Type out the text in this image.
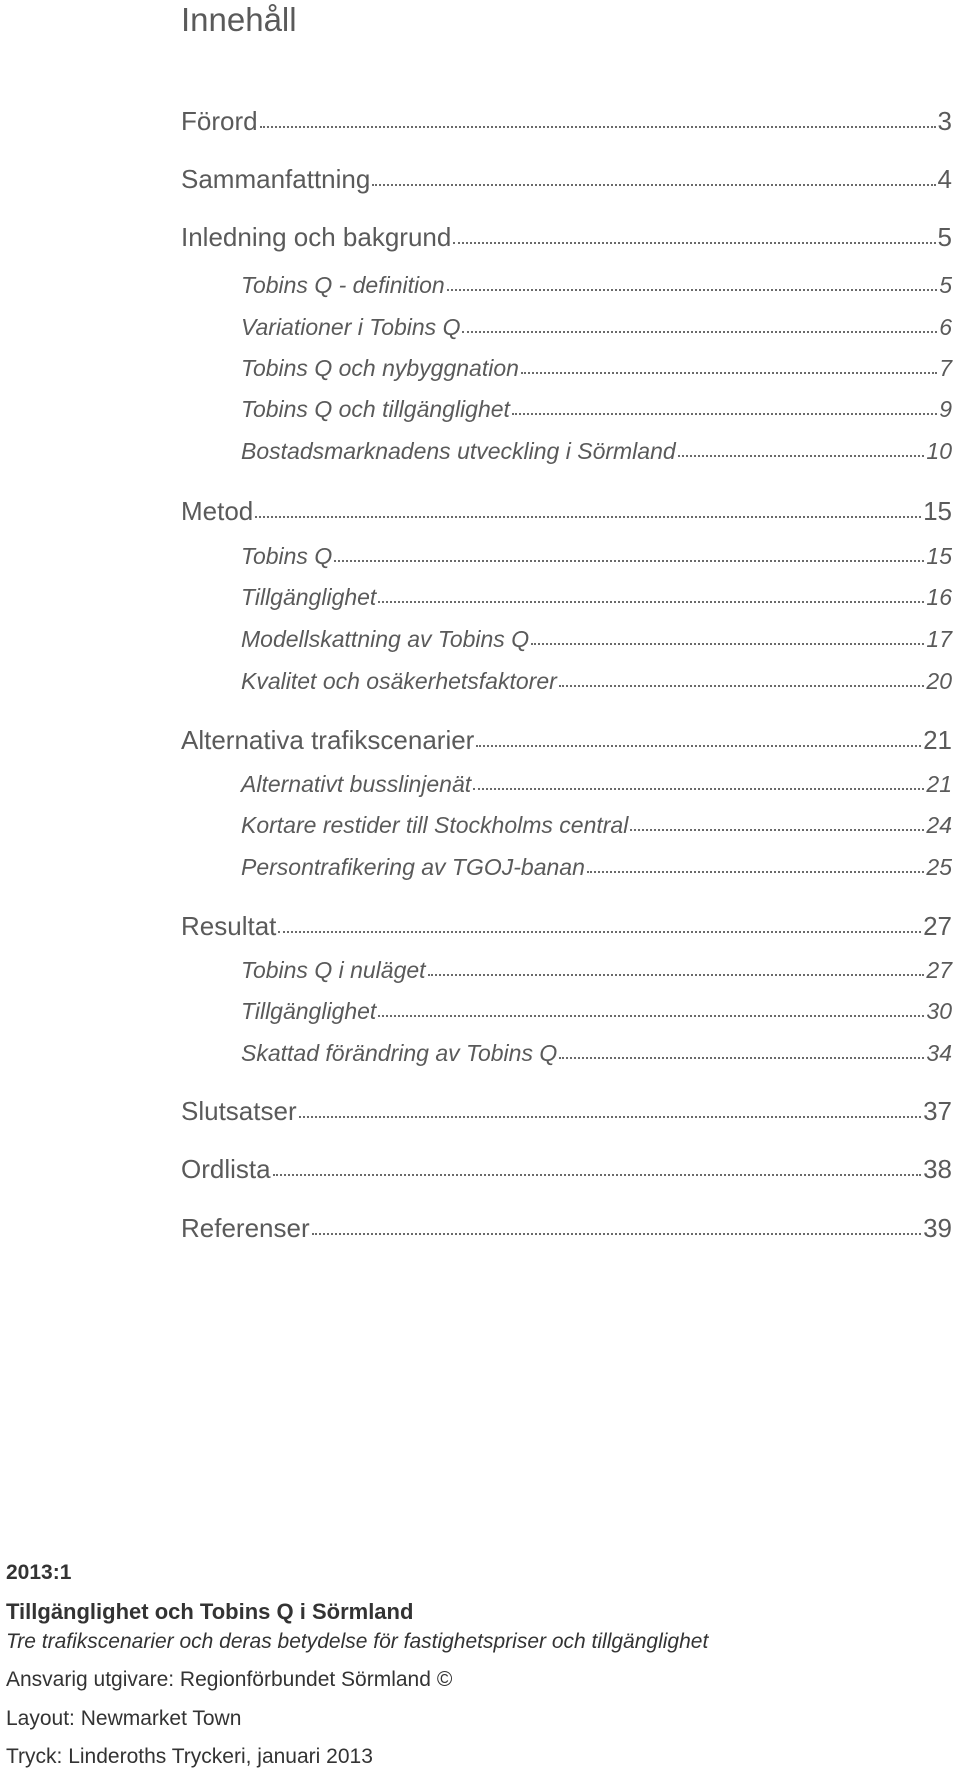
Innehåll
Förord	3
Sammanfattning	4
Inledning och bakgrund	5
Tobins Q - definition	5
Variationer i Tobins Q	6
Tobins Q och nybyggnation	7
Tobins Q och tillgänglighet	9
Bostadsmarknadens utveckling i Sörmland	10
Metod	15
Tobins Q	15
Tillgänglighet	16
Modellskattning av Tobins Q	17
Kvalitet och osäkerhetsfaktorer	20
Alternativa trafikscenarier	21
Alternativt busslinjenät	21
Kortare restider till Stockholms central	24
Persontrafikering av TGOJ-banan	25
Resultat	27
Tobins Q i nuläget	27
Tillgänglighet	30
Skattad förändring av Tobins Q	34
Slutsatser	37
Ordlista	38
Referenser	39
2013:1
Tillgänglighet och Tobins Q i Sörmland
Tre trafikscenarier och deras betydelse för fastighetspriser och tillgänglighet
Ansvarig utgivare: Regionförbundet Sörmland ©
Layout: Newmarket Town
Tryck: Linderoths Tryckeri, januari 2013
